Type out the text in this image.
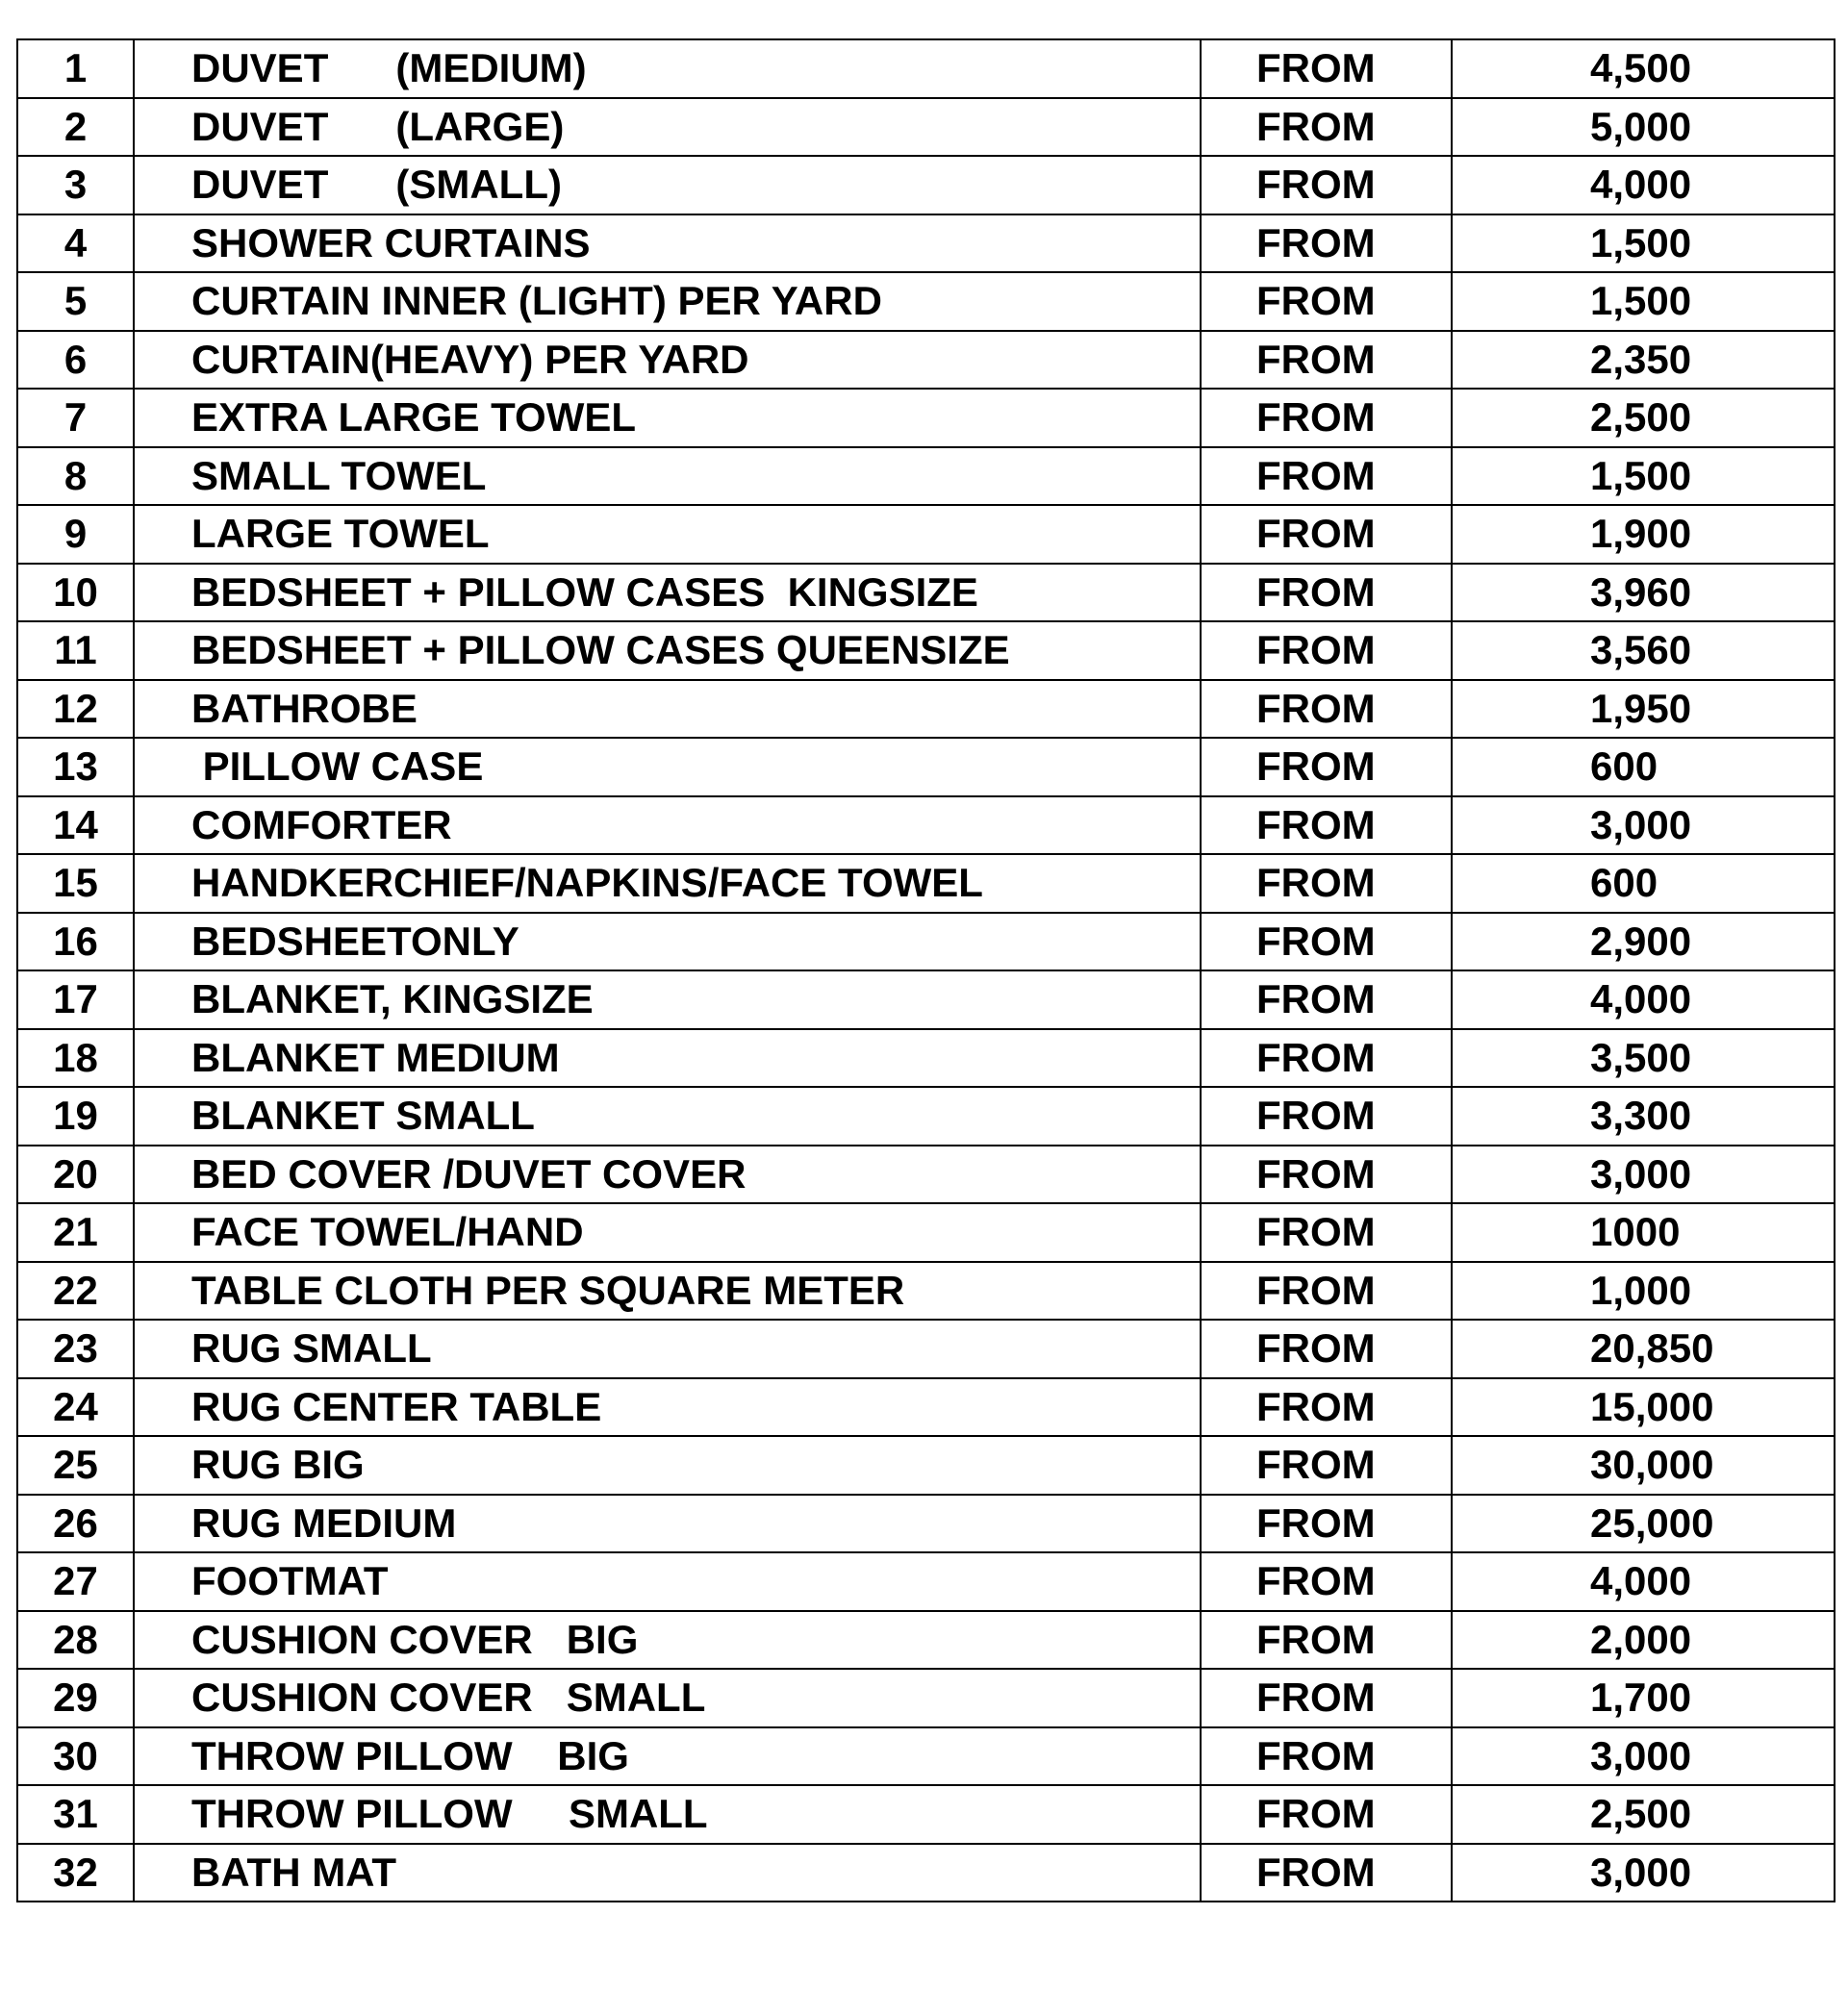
1	DUVET      (MEDIUM)	FROM	4,500
2	DUVET      (LARGE)	FROM	5,000
3	DUVET      (SMALL)	FROM	4,000
4	SHOWER CURTAINS	FROM	1,500
5	CURTAIN INNER (LIGHT) PER YARD	FROM	1,500
6	CURTAIN(HEAVY) PER YARD	FROM	2,350
7	EXTRA LARGE TOWEL	FROM	2,500
8	SMALL TOWEL	FROM	1,500
9	LARGE TOWEL	FROM	1,900
10	BEDSHEET + PILLOW CASES  KINGSIZE	FROM	3,960
11	BEDSHEET + PILLOW CASES QUEENSIZE	FROM	3,560
12	BATHROBE	FROM	1,950
13	PILLOW CASE	FROM	600
14	COMFORTER	FROM	3,000
15	HANDKERCHIEF/NAPKINS/FACE TOWEL	FROM	600
16	BEDSHEETONLY	FROM	2,900
17	BLANKET, KINGSIZE	FROM	4,000
18	BLANKET MEDIUM	FROM	3,500
19	BLANKET SMALL	FROM	3,300
20	BED COVER /DUVET COVER	FROM	3,000
21	FACE TOWEL/HAND	FROM	1000
22	TABLE CLOTH PER SQUARE METER	FROM	1,000
23	RUG SMALL	FROM	20,850
24	RUG CENTER TABLE	FROM	15,000
25	RUG BIG	FROM	30,000
26	RUG MEDIUM	FROM	25,000
27	FOOTMAT	FROM	4,000
28	CUSHION COVER   BIG	FROM	2,000
29	CUSHION COVER   SMALL	FROM	1,700
30	THROW PILLOW    BIG	FROM	3,000
31	THROW PILLOW     SMALL	FROM	2,500
32	BATH MAT	FROM	3,000
